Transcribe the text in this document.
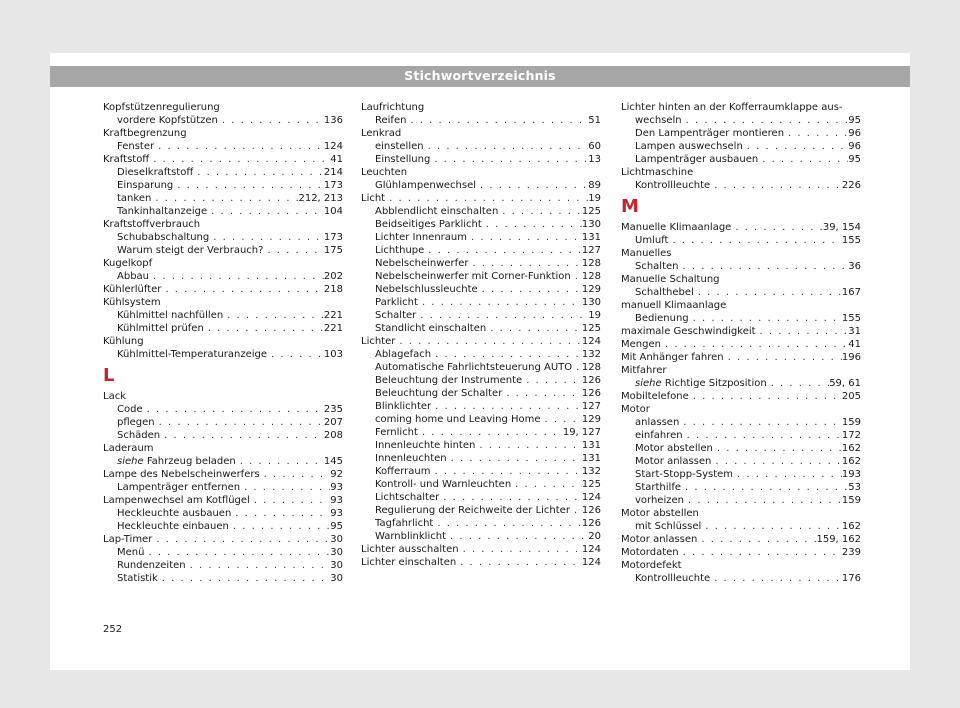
Stichwortverzeichnis
Kopfstützenregulierung
vordere Kopfstützen . . .	136
Kraftbegrenzung
Fenster . . .	124
Kraftstoff . . .	41
Dieselkraftstoff . . .	214
Einsparung . . .	173
tanken . . .	212, 213
Tankinhaltanzeige . . .	104
Kraftstoffverbrauch
Schubabschaltung . . .	173
Warum steigt der Verbrauch? . . .	175
Kugelkopf
Abbau . . .	202
Kühlerlüfter . . .	218
Kühlsystem
Kühlmittel nachfüllen . . .	221
Kühlmittel prüfen . . .	221
Kühlung
Kühlmittel-Temperaturanzeige . . .	103
L
Lack
Code . . .	235
pflegen . . .	207
Schäden . . .	208
Laderaum
siehe Fahrzeug beladen . . .	145
Lampe des Nebelscheinwerfers . . .	92
Lampenträger entfernen . . .	93
Lampenwechsel am Kotflügel . . .	93
Heckleuchte ausbauen . . .	93
Heckleuchte einbauen . . .	95
Lap-Timer . . .	30
Menü . . .	30
Rundenzeiten . . .	30
Statistik . . .	30
Laufrichtung
Reifen . . .	51
Lenkrad
einstellen . . .	60
Einstellung . . .	13
Leuchten
Glühlampenwechsel . . .	89
Licht . . .	19
Abblendlicht einschalten . . .	125
Beidseitiges Parklicht . . .	130
Lichter Innenraum . . .	131
Lichthupe . . .	127
Nebelscheinwerfer . . .	128
Nebelscheinwerfer mit Corner-Funktion . . . 128
Nebelschlussleuchte . . .	129
Parklicht . . .	130
Schalter . . .	19
Standlicht einschalten . . .	125
Lichter . . .	124
Ablagefach . . .	132
Automatische Fahrlichtsteuerung AUTO . . . 128
Beleuchtung der Instrumente . . .	126
Beleuchtung der Schalter . . .	126
Blinklichter . . .	127
coming home und Leaving Home . . .	129
Fernlicht . . .	19, 127
Innenleuchte hinten . . .	131
Innenleuchten . . .	131
Kofferraum . . .	132
Kontroll- und Warnleuchten . . .	125
Lichtschalter . . .	124
Regulierung der Reichweite der Lichter . . . 126
Tagfahrlicht . . .	126
Warnblinklicht . . .	20
Lichter ausschalten . . .	124
Lichter einschalten . . .	124
Lichter hinten an der Kofferraumklappe aus-
wechseln . . .	95
Den Lampenträger montieren . . .	96
Lampen auswechseln . . .	96
Lampenträger ausbauen . . .	95
Lichtmaschine
Kontrollleuchte . . .	226
M
Manuelle Klimaanlage . . .	39, 154
Umluft . . .	155
Manuelles
Schalten . . .	36
Manuelle Schaltung
Schalthebel . . .	167
manuell Klimaanlage
Bedienung . . .	155
maximale Geschwindigkeit . . .	31
Mengen . . .	41
Mit Anhänger fahren . . .	196
Mitfahrer
siehe Richtige Sitzposition . . .	59, 61
Mobiltelefone . . .	205
Motor
anlassen . . .	159
einfahren . . .	172
Motor abstellen . . .	162
Motor anlassen . . .	162
Start-Stopp-System . . .	193
Starthilfe . . .	53
vorheizen . . .	159
Motor abstellen
mit Schlüssel . . .	162
Motor anlassen . . .	159, 162
Motordaten . . .	239
Motordefekt
Kontrollleuchte . . .	176
252
